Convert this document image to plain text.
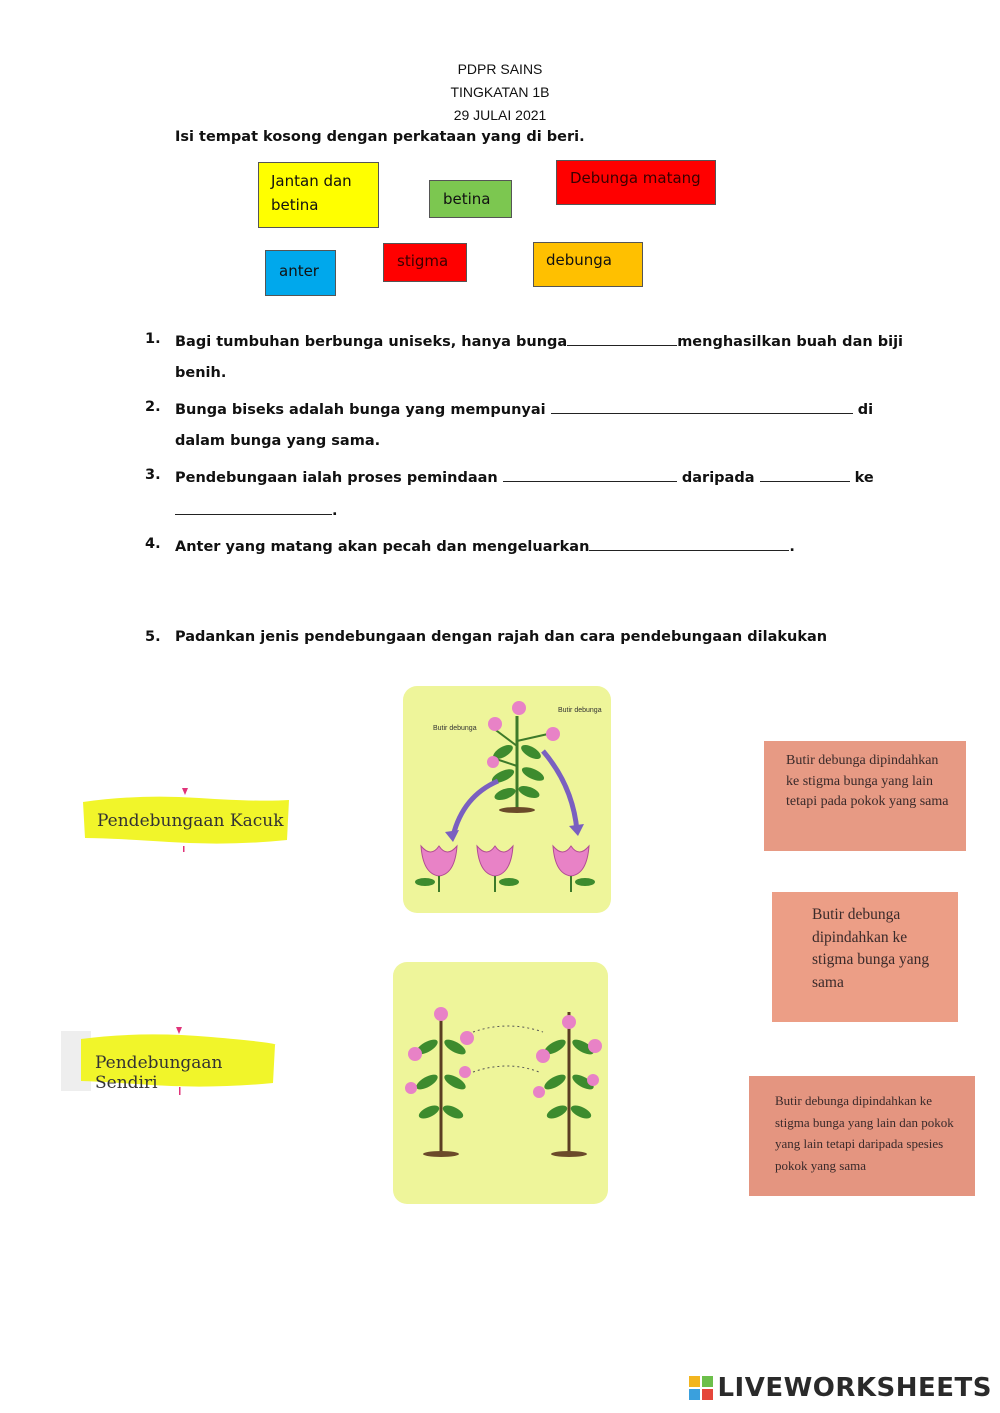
PDPR SAINS
TINGKATAN 1B
29 JULAI 2021
Isi tempat kosong dengan perkataan yang di beri.
Jantan dan betina	betina
Debunga matang
anter
stigma	debunga
1. Bagi tumbuhan berbunga uniseks, hanya bunga	menghasilkan buah dan biji
benih.
2. Bunga biseks adalah bunga yang mempunyai	di
dalam bunga yang sama.
3. Pendebungaan ialah proses pemindaan	daripada	ke
.
4. Anter yang matang akan pecah dan mengeluarkan	.
5. Padankan jenis pendebungaan dengan rajah dan cara pendebungaan dilakukan
Pendebungaan Kacuk
Pendebungaan Sendiri
Butir debunga
Butir debunga
Butir debunga dipindahkan ke stigma bunga yang lain tetapi pada pokok yang sama
Butir debunga dipindahkan ke stigma bunga yang sama
Butir debunga dipindahkan ke stigma bunga yang lain dan pokok yang lain tetapi daripada spesies pokok yang sama
LIVEWORKSHEETS
